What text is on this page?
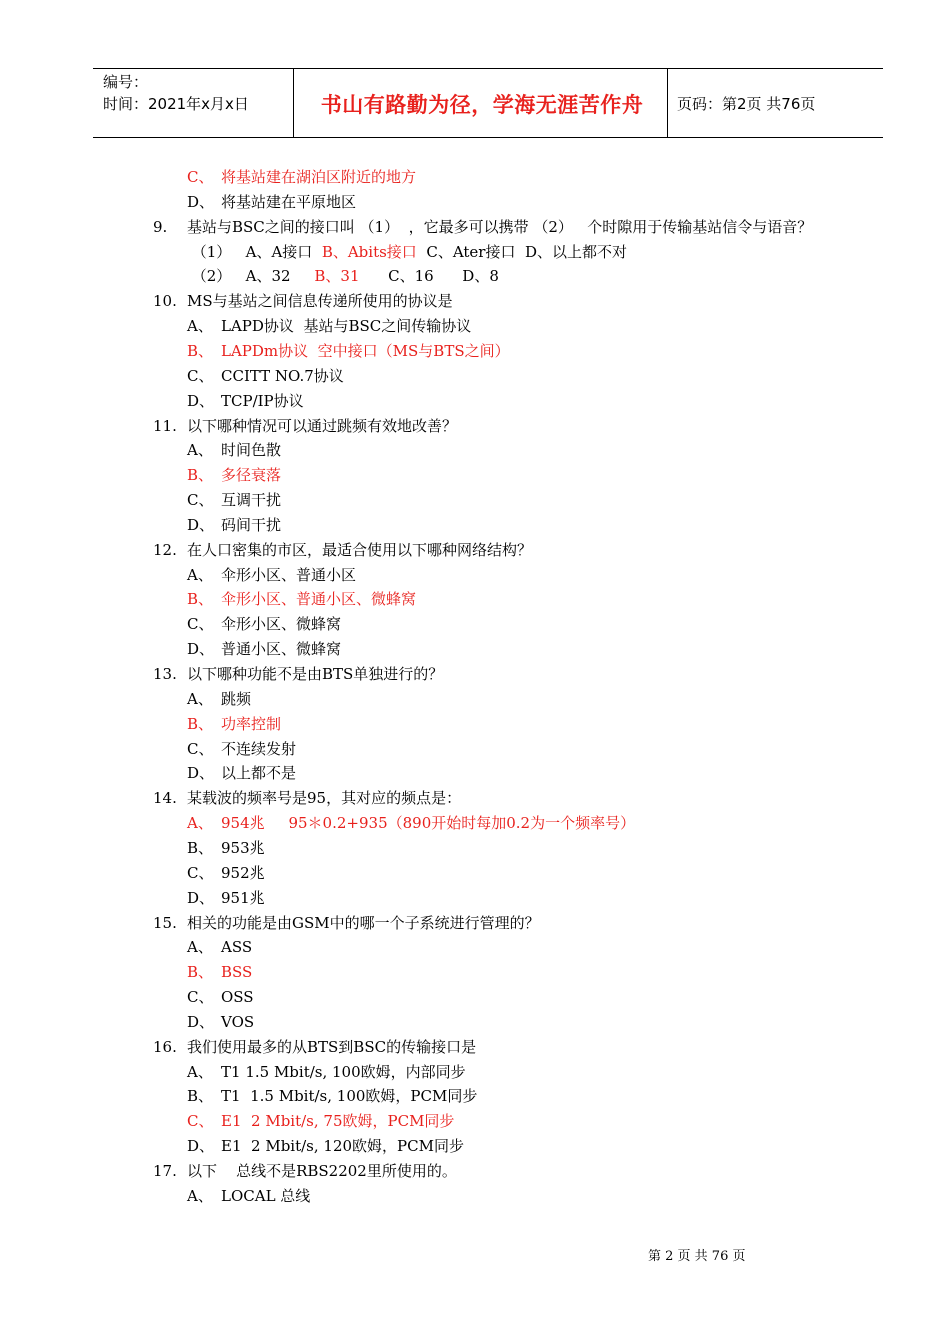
编号：
时间：2021年x月x日	书山有路勤为径，学海无涯苦作舟	页码：第2页 共76页
C、 将基站建在湖泊区附近的地方
D、 将基站建在平原地区
9. 基站与BSC之间的接口叫 （1）  ，它最多可以携带 （2）   个时隙用于传输基站信令与语音？
（1）   A、A接口  B、Abits接口  C、Ater接口  D、以上都不对
（2）   A、32     B、31      C、16      D、8
10. MS与基站之间信息传递所使用的协议是
A、 LAPD协议  基站与BSC之间传输协议
B、 LAPDm协议  空中接口（MS与BTS之间）
C、 CCITT NO.7协议
D、 TCP/IP协议
11. 以下哪种情况可以通过跳频有效地改善？
A、 时间色散
B、 多径衰落
C、 互调干扰
D、 码间干扰
12. 在人口密集的市区，最适合使用以下哪种网络结构？
A、 伞形小区、普通小区
B、 伞形小区、普通小区、微蜂窝
C、 伞形小区、微蜂窝
D、 普通小区、微蜂窝
13. 以下哪种功能不是由BTS单独进行的？
A、 跳频
B、 功率控制
C、 不连续发射
D、 以上都不是
14. 某载波的频率号是95，其对应的频点是：
A、 954兆     95＊0.2+935（890开始时每加0.2为一个频率号）
B、 953兆
C、 952兆
D、 951兆
15. 相关的功能是由GSM中的哪一个子系统进行管理的？
A、 ASS
B、 BSS
C、 OSS
D、 VOS
16. 我们使用最多的从BTS到BSC的传输接口是
A、 T1 1.5 Mbit/s, 100欧姆，内部同步
B、 T1  1.5 Mbit/s, 100欧姆，PCM同步
C、 E1  2 Mbit/s, 75欧姆，PCM同步
D、 E1  2 Mbit/s, 120欧姆，PCM同步
17. 以下    总线不是RBS2202里所使用的。
A、 LOCAL 总线
第 2 页 共 76 页
